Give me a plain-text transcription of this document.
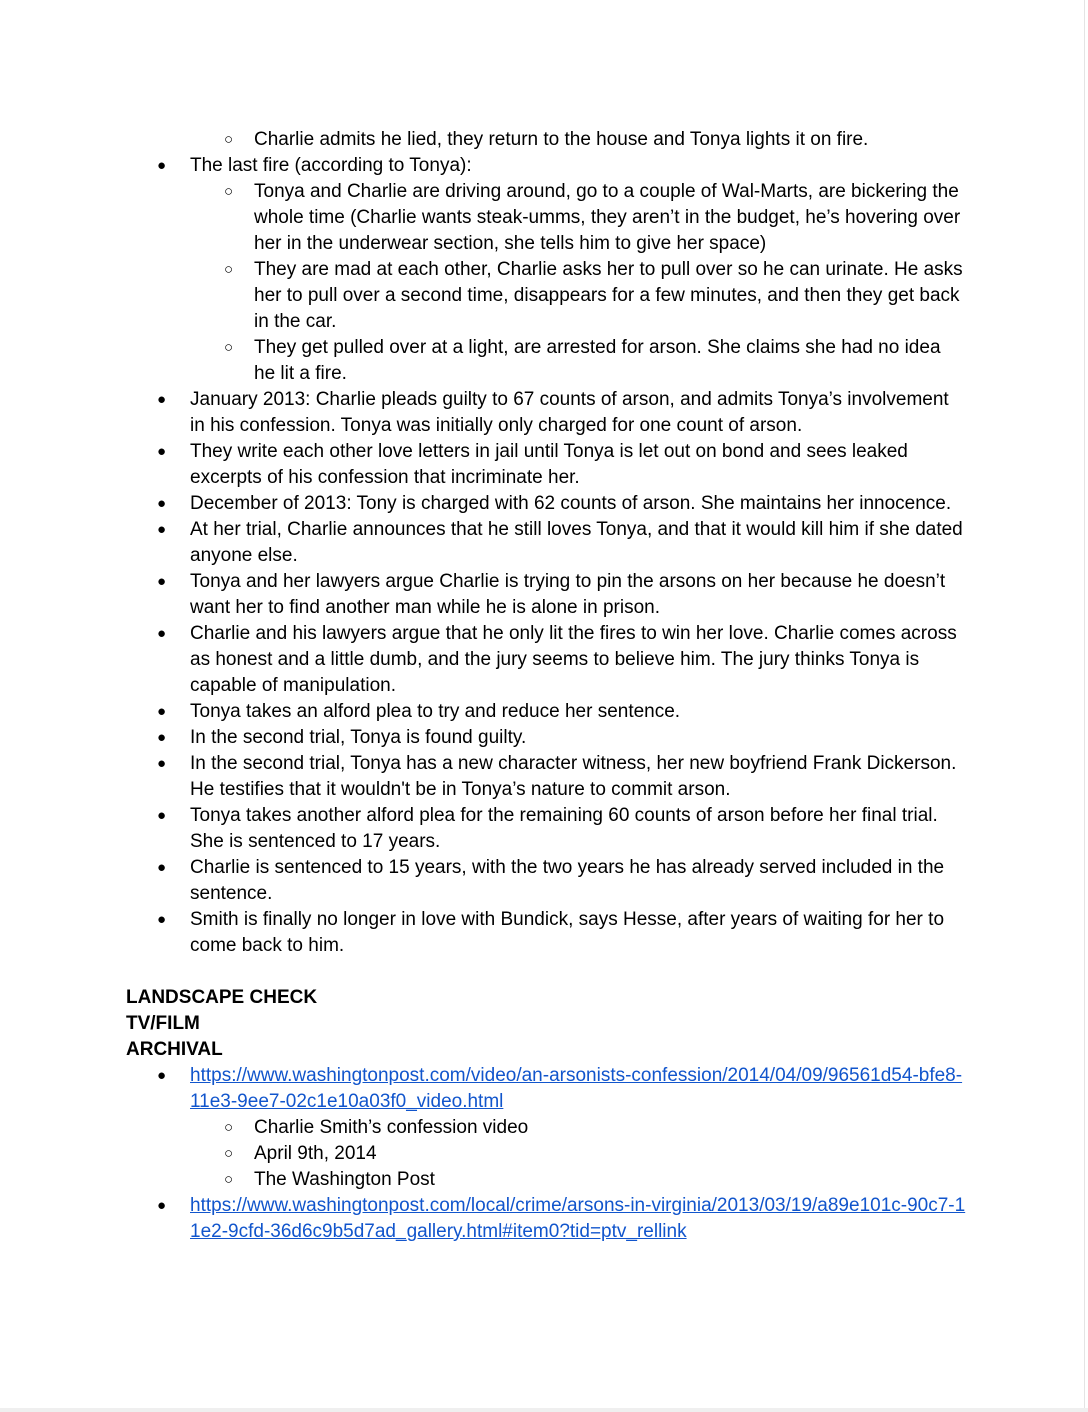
○ Charlie admits he lied, they return to the house and Tonya lights it on fire.
● The last fire (according to Tonya):
○ Tonya and Charlie are driving around, go to a couple of Wal-Marts, are bickering the whole time (Charlie wants steak-umms, they aren’t in the budget, he’s hovering over her in the underwear section, she tells him to give her space)
○ They are mad at each other, Charlie asks her to pull over so he can urinate. He asks her to pull over a second time, disappears for a few minutes, and then they get back in the car.
○ They get pulled over at a light, are arrested for arson. She claims she had no idea he lit a fire.
● January 2013: Charlie pleads guilty to 67 counts of arson, and admits Tonya’s involvement in his confession. Tonya was initially only charged for one count of arson.
● They write each other love letters in jail until Tonya is let out on bond and sees leaked excerpts of his confession that incriminate her.
● December of 2013: Tony is charged with 62 counts of arson. She maintains her innocence.
● At her trial, Charlie announces that he still loves Tonya, and that it would kill him if she dated anyone else.
● Tonya and her lawyers argue Charlie is trying to pin the arsons on her because he doesn’t want her to find another man while he is alone in prison.
● Charlie and his lawyers argue that he only lit the fires to win her love. Charlie comes across as honest and a little dumb, and the jury seems to believe him. The jury thinks Tonya is capable of manipulation.
● Tonya takes an alford plea to try and reduce her sentence.
● In the second trial, Tonya is found guilty.
● In the second trial, Tonya has a new character witness, her new boyfriend Frank Dickerson. He testifies that it wouldn't be in Tonya’s nature to commit arson.
● Tonya takes another alford plea for the remaining 60 counts of arson before her final trial. She is sentenced to 17 years.
● Charlie is sentenced to 15 years, with the two years he has already served included in the sentence.
● Smith is finally no longer in love with Bundick, says Hesse, after years of waiting for her to come back to him.
LANDSCAPE CHECK
TV/FILM
ARCHIVAL
● https://www.washingtonpost.com/video/an-arsonists-confession/2014/04/09/96561d54-bfe8-11e3-9ee7-02c1e10a03f0_video.html
○ Charlie Smith’s confession video
○ April 9th, 2014
○ The Washington Post
● https://www.washingtonpost.com/local/crime/arsons-in-virginia/2013/03/19/a89e101c-90c7-11e2-9cfd-36d6c9b5d7ad_gallery.html#item0?tid=ptv_rellink
